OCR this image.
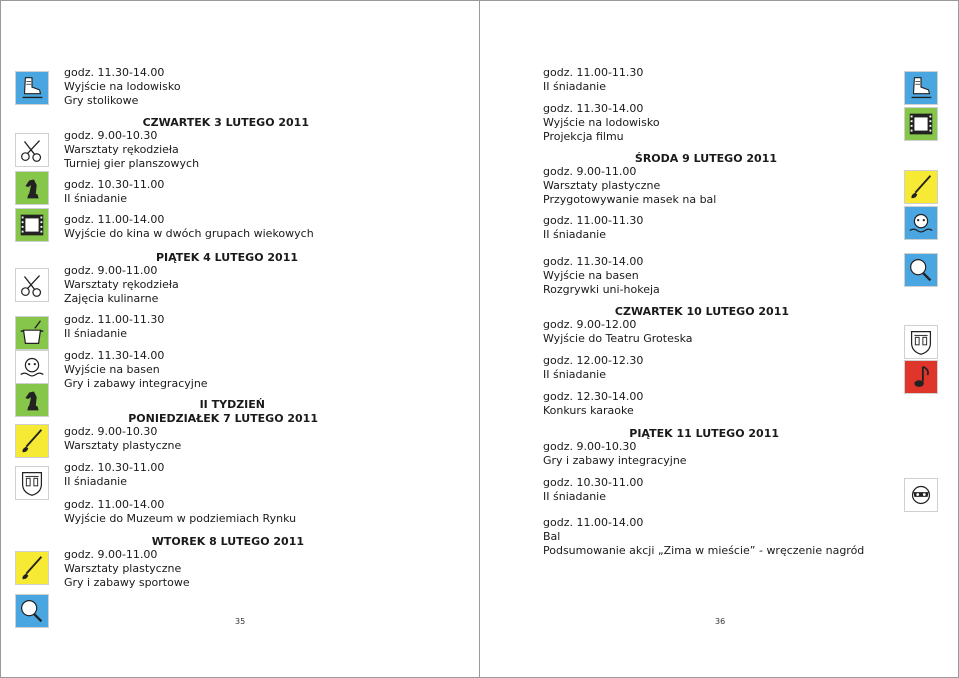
godz. 11.30-14.00
Wyjście na lodowisko
Gry stolikowe
CZWARTEK 3 LUTEGO 2011
godz. 9.00-10.30
Warsztaty rękodzieła
Turniej gier planszowych
godz. 10.30-11.00
II śniadanie
godz. 11.00-14.00
Wyjście do kina w dwóch grupach wiekowych
PIĄTEK 4 LUTEGO 2011
godz. 9.00-11.00
Warsztaty rękodzieła
Zajęcia kulinarne
godz. 11.00-11.30
II śniadanie
godz. 11.30-14.00
Wyjście na basen
Gry i zabawy integracyjne
II TYDZIEŃ
PONIEDZIAŁEK 7 LUTEGO 2011
godz. 9.00-10.30
Warsztaty plastyczne
godz. 10.30-11.00
II śniadanie
godz. 11.00-14.00
Wyjście do Muzeum w podziemiach Rynku
WTOREK 8 LUTEGO 2011
godz. 9.00-11.00
Warsztaty plastyczne
Gry i zabawy sportowe
35
godz. 11.00-11.30
II śniadanie
godz. 11.30-14.00
Wyjście na lodowisko
Projekcja filmu
ŚRODA 9 LUTEGO 2011
godz. 9.00-11.00
Warsztaty plastyczne
Przygotowywanie masek na bal
godz. 11.00-11.30
II śniadanie
godz. 11.30-14.00
Wyjście na basen
Rozgrywki uni-hokeja
CZWARTEK 10 LUTEGO 2011
godz. 9.00-12.00
Wyjście do Teatru Groteska
godz. 12.00-12.30
II śniadanie
godz. 12.30-14.00
Konkurs karaoke
PIĄTEK 11 LUTEGO 2011
godz. 9.00-10.30
Gry i zabawy integracyjne
godz. 10.30-11.00
II śniadanie
godz. 11.00-14.00
Bal
Podsumowanie akcji „Zima w mieście” - wręczenie nagród
36
